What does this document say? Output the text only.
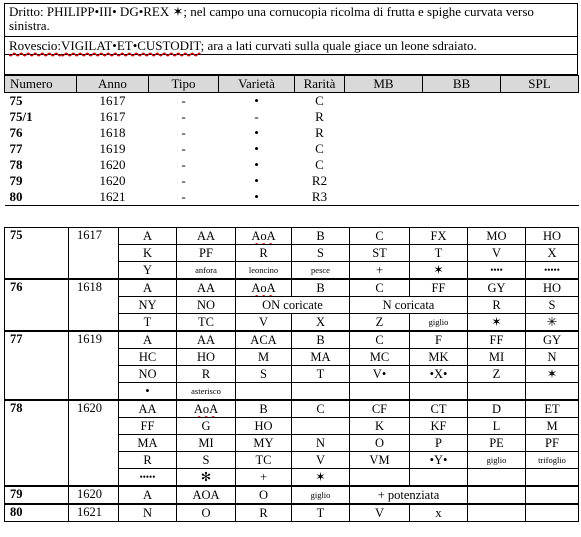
Dritto: PHILIPP•III• DG•REX ✶; nel campo una cornucopia ricolma di frutta e spighe curvata verso sinistra.
Rovescio:VIGILAT•ET•CUSTODIT; ara a lati curvati sulla quale giace un leone sdraiato.

Numero	Anno	Tipo	Varietà	Rarità	MB	BB	SPL
75	1617	-	•	C			
75/1	1617	-	-	R			
76	1618	-	•	R			
77	1619	-	•	C			
78	1620	-	•	C			
79	1620	-	•	R2			
80	1621	-	•	R3			
75	1617	A	AA	AoA	B	C	FX	MO	HO
		K	PF	R	S	ST	T	V	X
		Y	anfora	leoncino	pesce	+	✶	••••	•••••
76	1618	A	AA	AoA	B	C	FF	GY	HO
		NY	NO	ON coricate		N coricata		R	S
		T	TC	V	X	Z	giglio	✶	✳
77	1619	A	AA	ACA	B	C	F	FF	GY
		HC	HO	M	MA	MC	MK	MI	N
		NO	R	S	T	V•	•X•	Z	✶
		•	asterisco						
78	1620	AA	AoA	B	C	CF	CT	D	ET
		FF	G	HO		K	KF	L	M
		MA	MI	MY	N	O	P	PE	PF
		R	S	TC	V	VM	•Y•	giglio	trifoglio
		•••••	✻	+	✶				
79	1620	A	AOA	O	giglio	+ potenziata			
80	1621	N	O	R	T	V	x		
